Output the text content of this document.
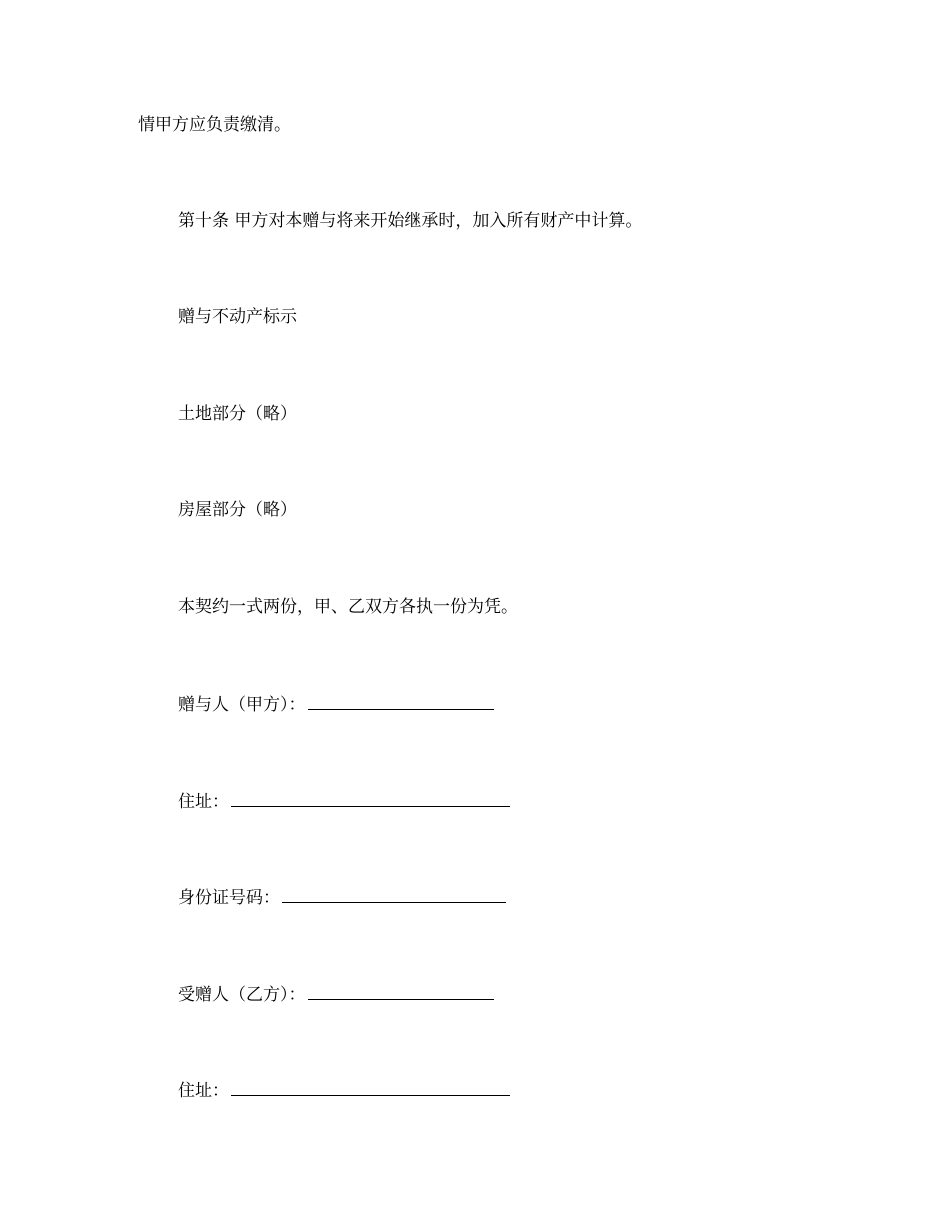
情甲方应负责缴清。
第十条 甲方对本赠与将来开始继承时，加入所有财产中计算。
赠与不动产标示
土地部分（略）
房屋部分（略）
本契约一式两份，甲、乙双方各执一份为凭。
赠与人（甲方）：
住址：
身份证号码：
受赠人（乙方）：
住址：
